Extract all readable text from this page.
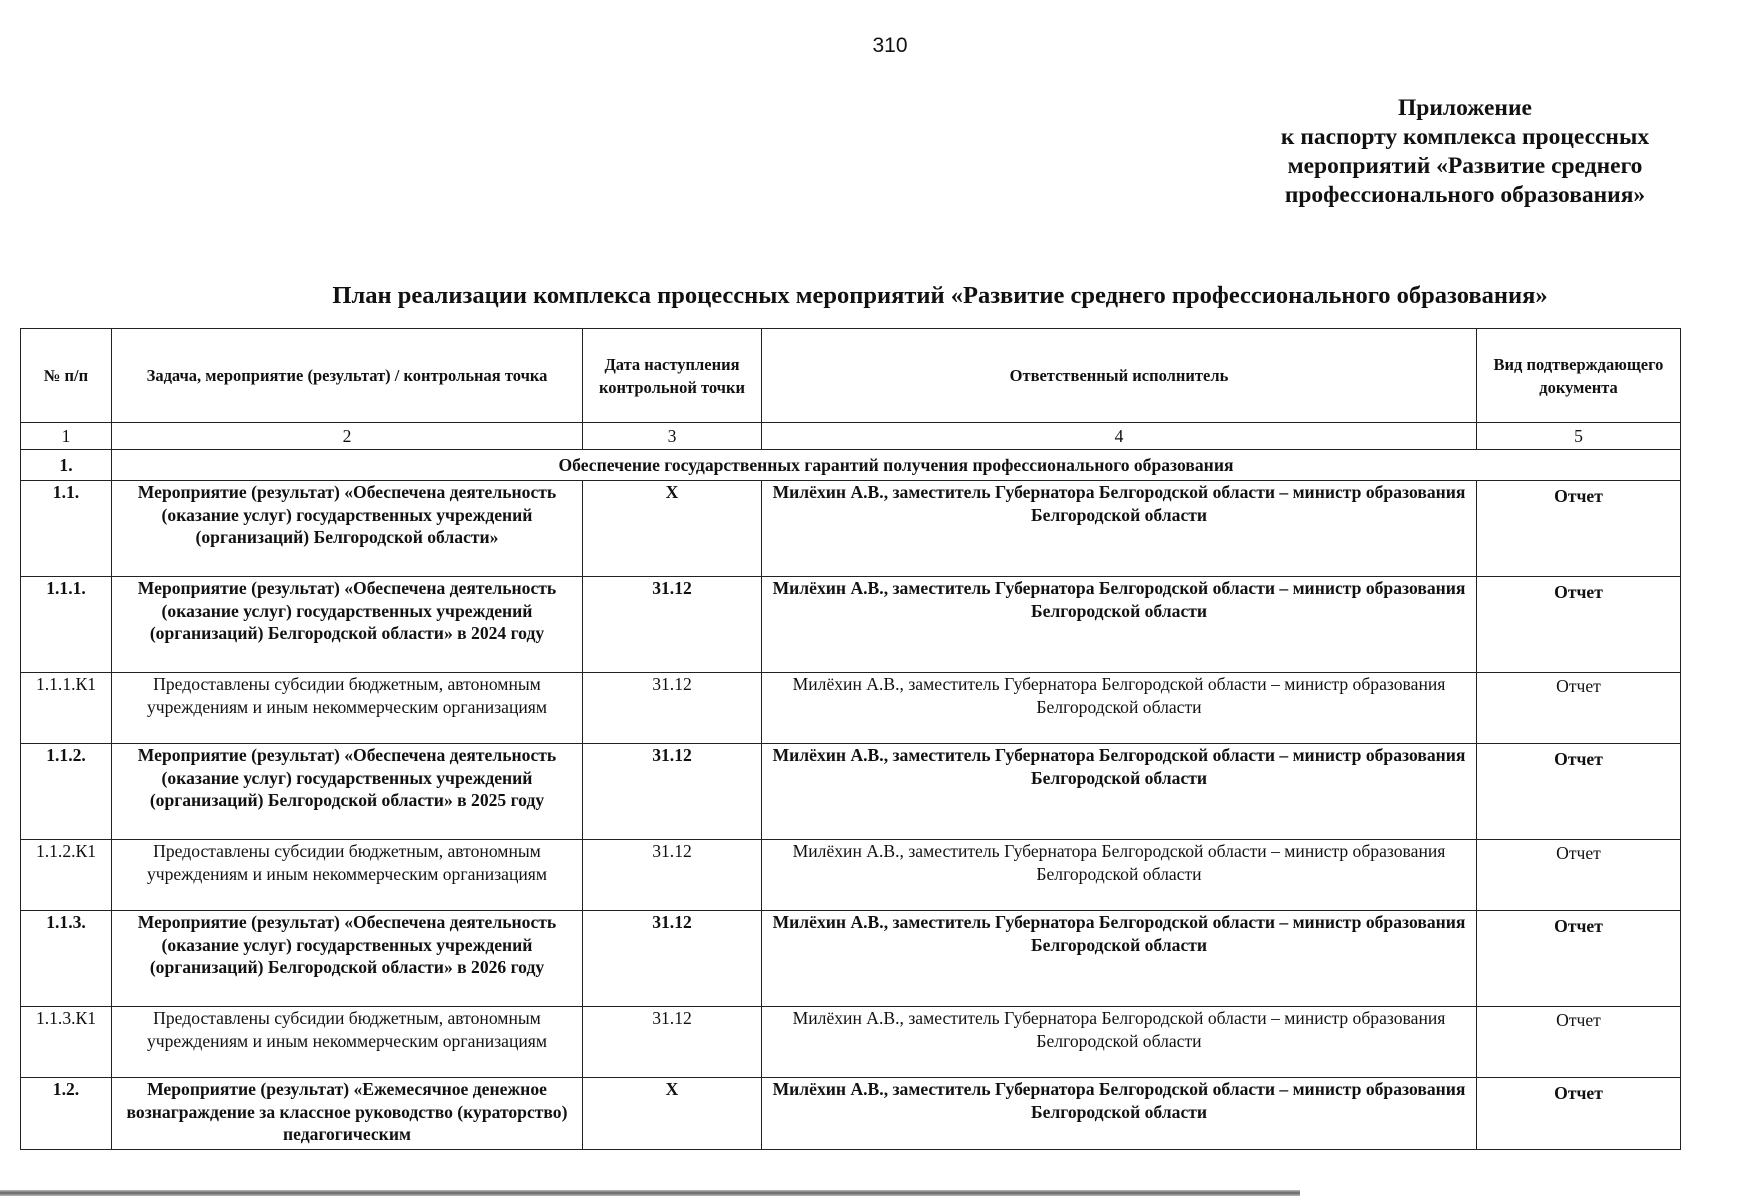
310
Приложение
к паспорту комплекса процессных
мероприятий «Развитие среднего
профессионального образования»
План реализации комплекса процессных мероприятий «Развитие среднего профессионального образования»
№ п/п	Задача, мероприятие (результат) / контрольная точка	Дата наступления контрольной точки	Ответственный исполнитель	Вид подтверждающего документа
1	2	3	4	5
1.	Обеспечение государственных гарантий получения профессионального образования			
1.1.	Мероприятие (результат) «Обеспечена деятельность (оказание услуг) государственных учреждений (организаций) Белгородской области»	X	Милёхин А.В., заместитель Губернатора Белгородской области – министр образования Белгородской области	Отчет
1.1.1.	Мероприятие (результат) «Обеспечена деятельность (оказание услуг) государственных учреждений (организаций) Белгородской области» в 2024 году	31.12	Милёхин А.В., заместитель Губернатора Белгородской области – министр образования Белгородской области	Отчет
1.1.1.К1	Предоставлены субсидии бюджетным, автономным учреждениям и иным некоммерческим организациям	31.12	Милёхин А.В., заместитель Губернатора Белгородской области – министр образования Белгородской области	Отчет
1.1.2.	Мероприятие (результат) «Обеспечена деятельность (оказание услуг) государственных учреждений (организаций) Белгородской области» в 2025 году	31.12	Милёхин А.В., заместитель Губернатора Белгородской области – министр образования Белгородской области	Отчет
1.1.2.К1	Предоставлены субсидии бюджетным, автономным учреждениям и иным некоммерческим организациям	31.12	Милёхин А.В., заместитель Губернатора Белгородской области – министр образования Белгородской области	Отчет
1.1.3.	Мероприятие (результат) «Обеспечена деятельность (оказание услуг) государственных учреждений (организаций) Белгородской области» в 2026 году	31.12	Милёхин А.В., заместитель Губернатора Белгородской области – министр образования Белгородской области	Отчет
1.1.3.К1	Предоставлены субсидии бюджетным, автономным учреждениям и иным некоммерческим организациям	31.12	Милёхин А.В., заместитель Губернатора Белгородской области – министр образования Белгородской области	Отчет
1.2.	Мероприятие (результат) «Ежемесячное денежное вознаграждение за классное руководство (кураторство) педагогическим	X	Милёхин А.В., заместитель Губернатора Белгородской области – министр образования Белгородской области	Отчет
